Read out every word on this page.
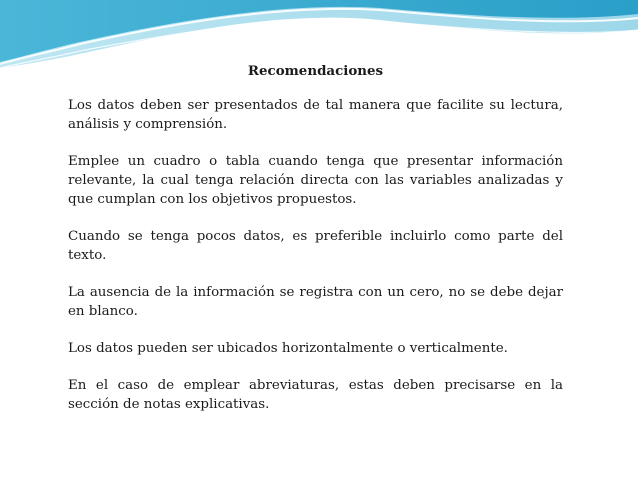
Recomendaciones

Los datos deben ser presentados de tal manera que facilite su lectura, análisis y comprensión.

Emplee un cuadro o tabla cuando tenga que presentar información relevante, la cual tenga relación directa con las variables analizadas y que cumplan con los objetivos propuestos.

Cuando se tenga pocos datos, es preferible incluirlo como parte del texto.

La ausencia de la información se registra con un cero, no se debe dejar en blanco.

Los datos pueden ser ubicados horizontalmente o verticalmente.

En el caso de emplear abreviaturas, estas deben precisarse en la sección de notas explicativas.
